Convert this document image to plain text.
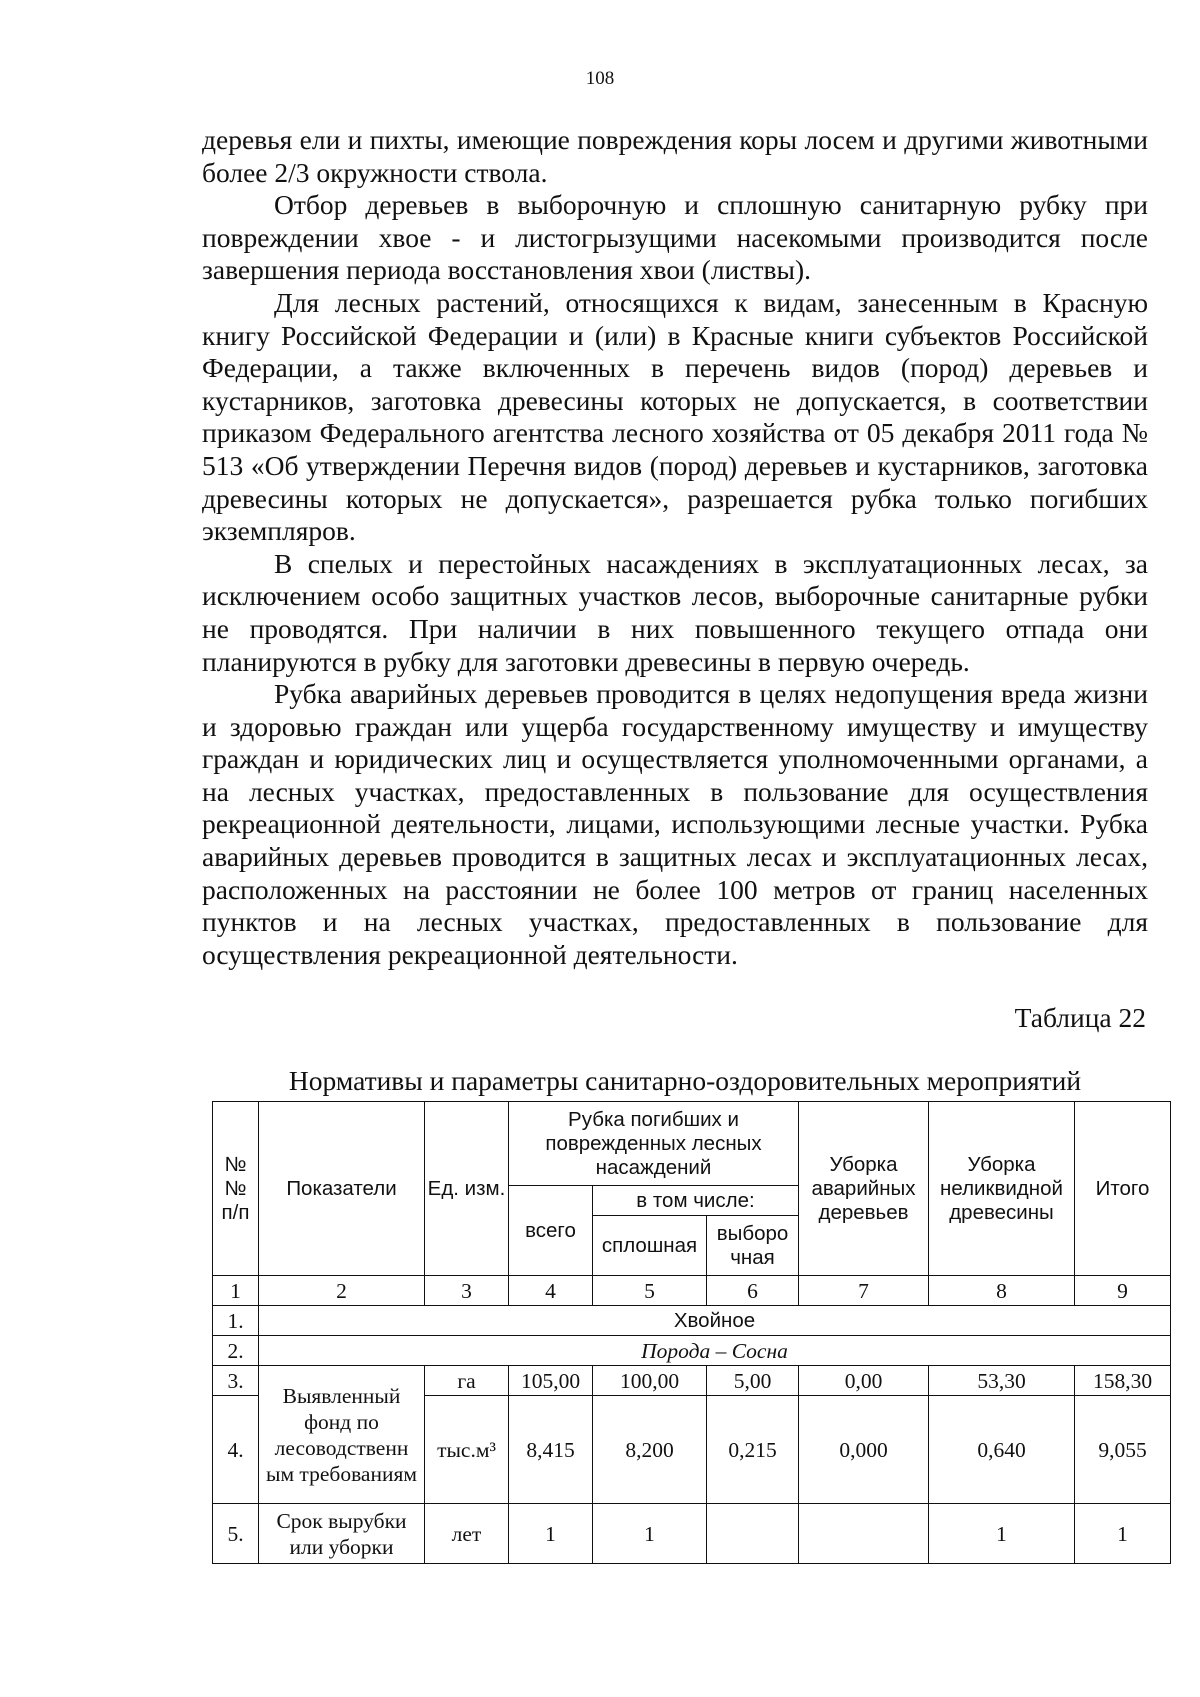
108

деревья ели и пихты, имеющие повреждения коры лосем и другими животными более 2/3 окружности ствола.

Отбор деревьев в выборочную и сплошную санитарную рубку при повреждении хвое - и листогрызущими насекомыми производится после завершения периода восстановления хвои (листвы).

Для лесных растений, относящихся к видам, занесенным в Красную книгу Российской Федерации и (или) в Красные книги субъектов Российской Федерации, а также включенных в перечень видов (пород) деревьев и кустарников, заготовка древесины которых не допускается, в соответствии приказом Федерального агентства лесного хозяйства от 05 декабря 2011 года № 513 «Об утверждении Перечня видов (пород) деревьев и кустарников, заготовка древесины которых не допускается», разрешается рубка только погибших экземпляров.

В спелых и перестойных насаждениях в эксплуатационных лесах, за исключением особо защитных участков лесов, выборочные санитарные рубки не проводятся. При наличии в них повышенного текущего отпада они планируются в рубку для заготовки древесины в первую очередь.

Рубка аварийных деревьев проводится в целях недопущения вреда жизни и здоровью граждан или ущерба государственному имуществу и имуществу граждан и юридических лиц и осуществляется уполномоченными органами, а на лесных участках, предоставленных в пользование для осуществления рекреационной деятельности, лицами, использующими лесные участки. Рубка аварийных деревьев проводится в защитных лесах и эксплуатационных лесах, расположенных на расстоянии не более 100 метров от границ населенных пунктов и на лесных участках, предоставленных в пользование для осуществления рекреационной деятельности.

Таблица 22
Нормативы и параметры санитарно-оздоровительных мероприятий
№№ п/п	Показатели	Ед. изм.	Рубка погибших и поврежденных лесных насаждений			Уборка аварийных деревьев	Уборка неликвидной древесины	Итого
			всего	в том числе:				
				сплошная	выборо чная			
1	2	3	4	5	6	7	8	9
1.	Хвойное							
2.	Порода – Сосна							
3.	Выявленный фонд по лесоводственн ым требованиям	га	105,00	100,00	5,00	0,00	53,30	158,30
4.		тыс.м³	8,415	8,200	0,215	0,000	0,640	9,055
5.	Срок вырубки или уборки	лет	1	1			1	1
